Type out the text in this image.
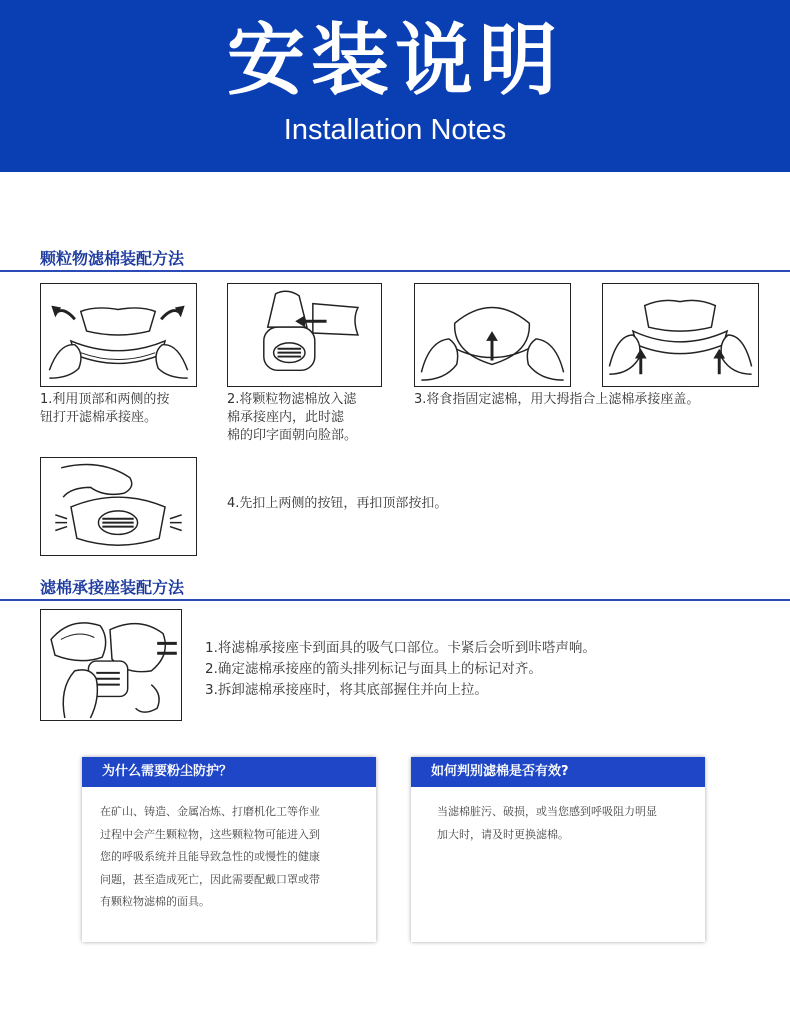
安装说明
Installation Notes
颗粒物滤棉装配方法
1.利用顶部和两侧的按
钮打开滤棉承接座。
2.将颗粒物滤棉放入滤
棉承接座内，此时滤
棉的印字面朝向脸部。
3.将食指固定滤棉，用大拇指合上滤棉承接座盖。
4.先扣上两侧的按钮，再扣顶部按扣。
滤棉承接座装配方法
1.将滤棉承接座卡到面具的吸气口部位。卡紧后会听到咔嗒声响。
2.确定滤棉承接座的箭头排列标记与面具上的标记对齐。
3.拆卸滤棉承接座时，将其底部握住并向上拉。
为什么需要粉尘防护？
在矿山、铸造、金属冶炼、打磨机化工等作业
过程中会产生颗粒物，这些颗粒物可能进入到
您的呼吸系统并且能导致急性的或慢性的健康
问题，甚至造成死亡，因此需要配戴口罩或带
有颗粒物滤棉的面具。
如何判别滤棉是否有效?
当滤棉脏污、破损，或当您感到呼吸阻力明显
加大时，请及时更换滤棉。
